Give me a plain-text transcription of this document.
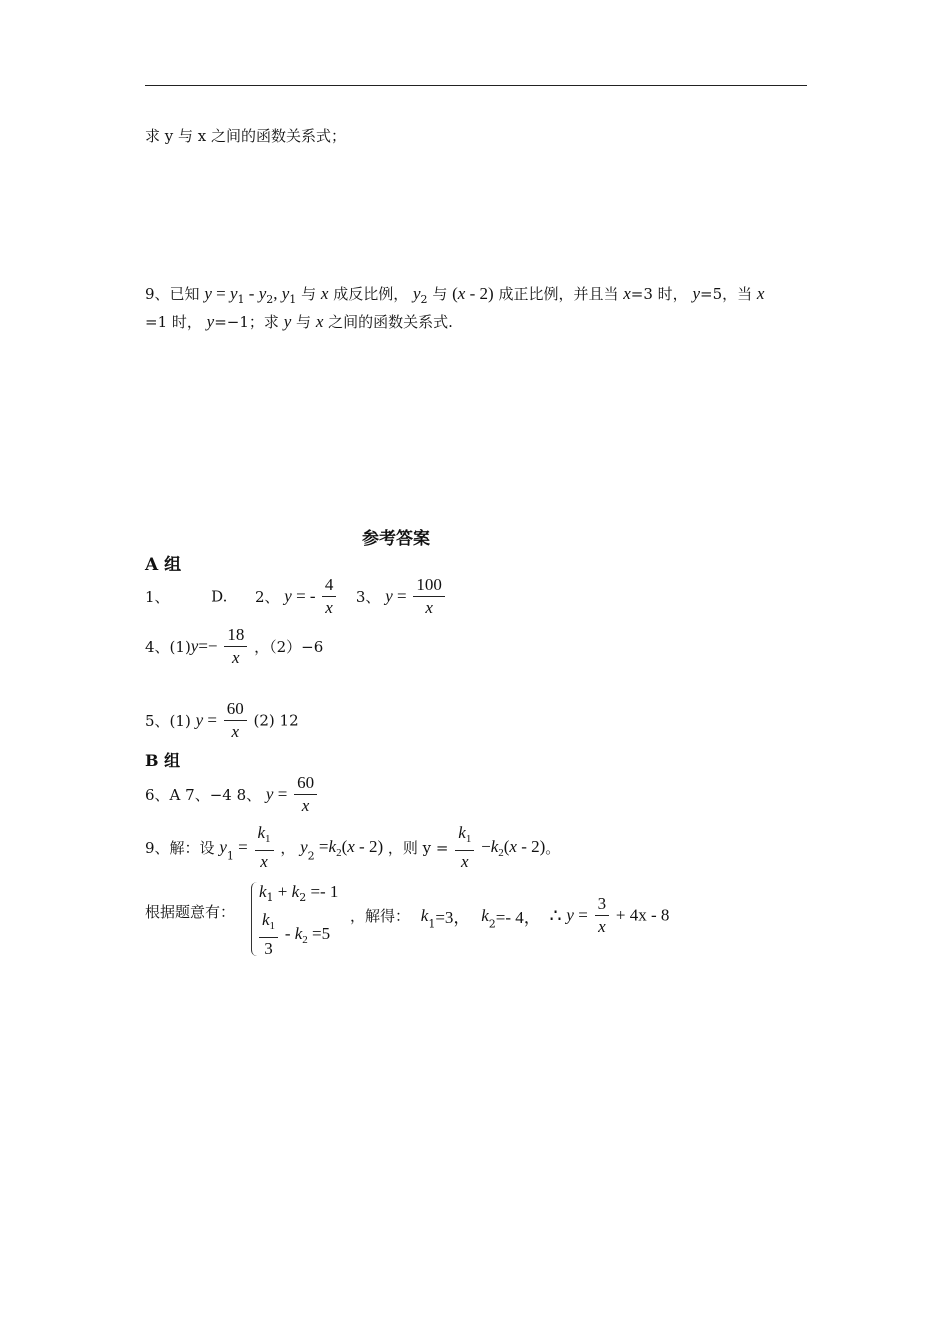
求 y 与 x 之间的函数关系式；
9、已知 $y = y_1 - y_2$, $y_1$ 与 x 成反比例， $y_2$ 与 (x - 2) 成正比例，并且当 x=3 时， y=5，当 x
=1 时， y=−1；求 y 与 x 之间的函数关系式.
参考答案
A 组
1、	D. 2、 y = - $\frac{4}{x} 3$、 $y = \frac{100}{x}$
4、$(1)y=- \frac{18}{x}$ ，（2）−6
5、(1) $y = \frac{60}{x} (2)$ 12
B 组
6、A 7、−4 8、 $y = \frac{60}{x}$
9、解：设 $y_1 = \frac{k_1}{x}$ ， $y_2 =k_2(x - 2)$ ，则 $y = \frac{k_1}{x} -k_2(x - 2)$。
根据题意有：
$k_1 + k_2 =- 1$
$\frac{k_1}{3} - k_2 =5$
，解得： $k_1=3$， $k_2=-$ 4， ∴ $y = \frac{3}{x} + 4x - 8$
